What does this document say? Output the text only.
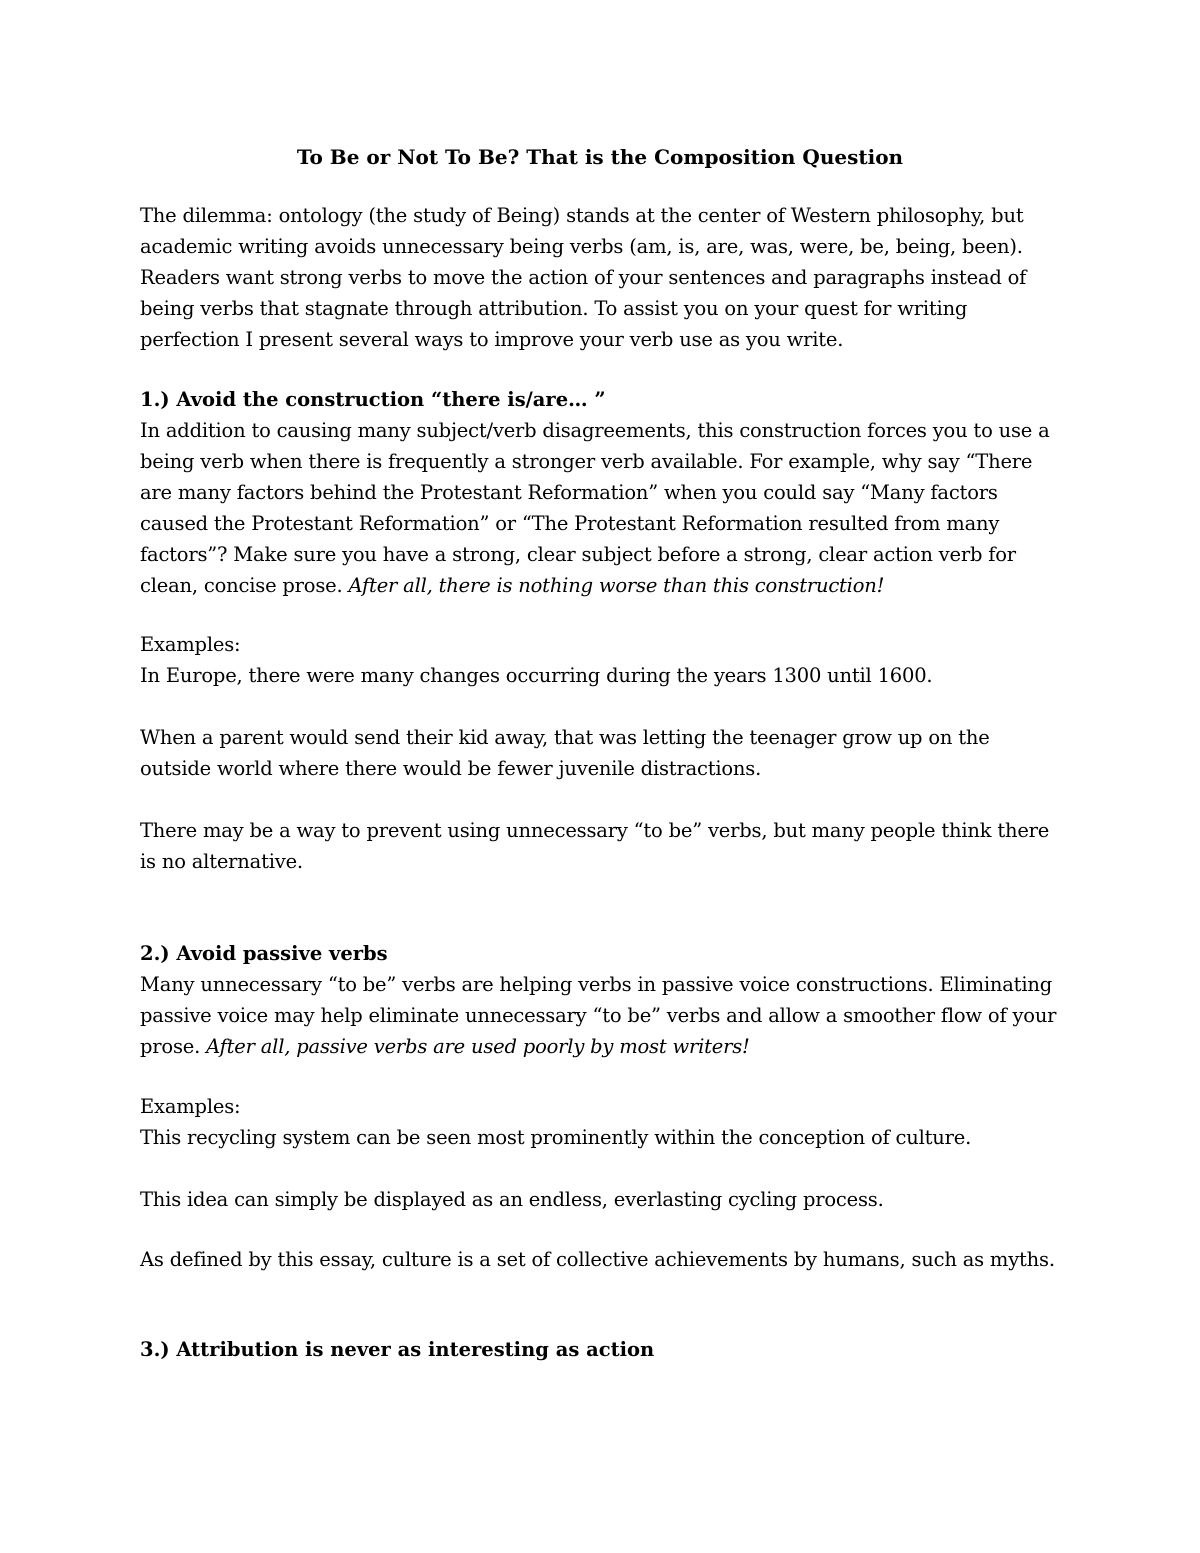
To Be or Not To Be? That is the Composition Question

The dilemma: ontology (the study of Being) stands at the center of Western philosophy, but academic writing avoids unnecessary being verbs (am, is, are, was, were, be, being, been). Readers want strong verbs to move the action of your sentences and paragraphs instead of being verbs that stagnate through attribution. To assist you on your quest for writing perfection I present several ways to improve your verb use as you write.

1.) Avoid the construction “there is/are… ”

In addition to causing many subject/verb disagreements, this construction forces you to use a being verb when there is frequently a stronger verb available. For example, why say “There are many factors behind the Protestant Reformation” when you could say “Many factors caused the Protestant Reformation” or “The Protestant Reformation resulted from many factors”? Make sure you have a strong, clear subject before a strong, clear action verb for clean, concise prose. After all, there is nothing worse than this construction!

Examples:

In Europe, there were many changes occurring during the years 1300 until 1600.

When a parent would send their kid away, that was letting the teenager grow up on the outside world where there would be fewer juvenile distractions.

There may be a way to prevent using unnecessary “to be” verbs, but many people think there is no alternative.

2.) Avoid passive verbs

Many unnecessary “to be” verbs are helping verbs in passive voice constructions. Eliminating passive voice may help eliminate unnecessary “to be” verbs and allow a smoother flow of your prose. After all, passive verbs are used poorly by most writers!

Examples:

This recycling system can be seen most prominently within the conception of culture.

This idea can simply be displayed as an endless, everlasting cycling process.

As defined by this essay, culture is a set of collective achievements by humans, such as myths.

3.) Attribution is never as interesting as action
